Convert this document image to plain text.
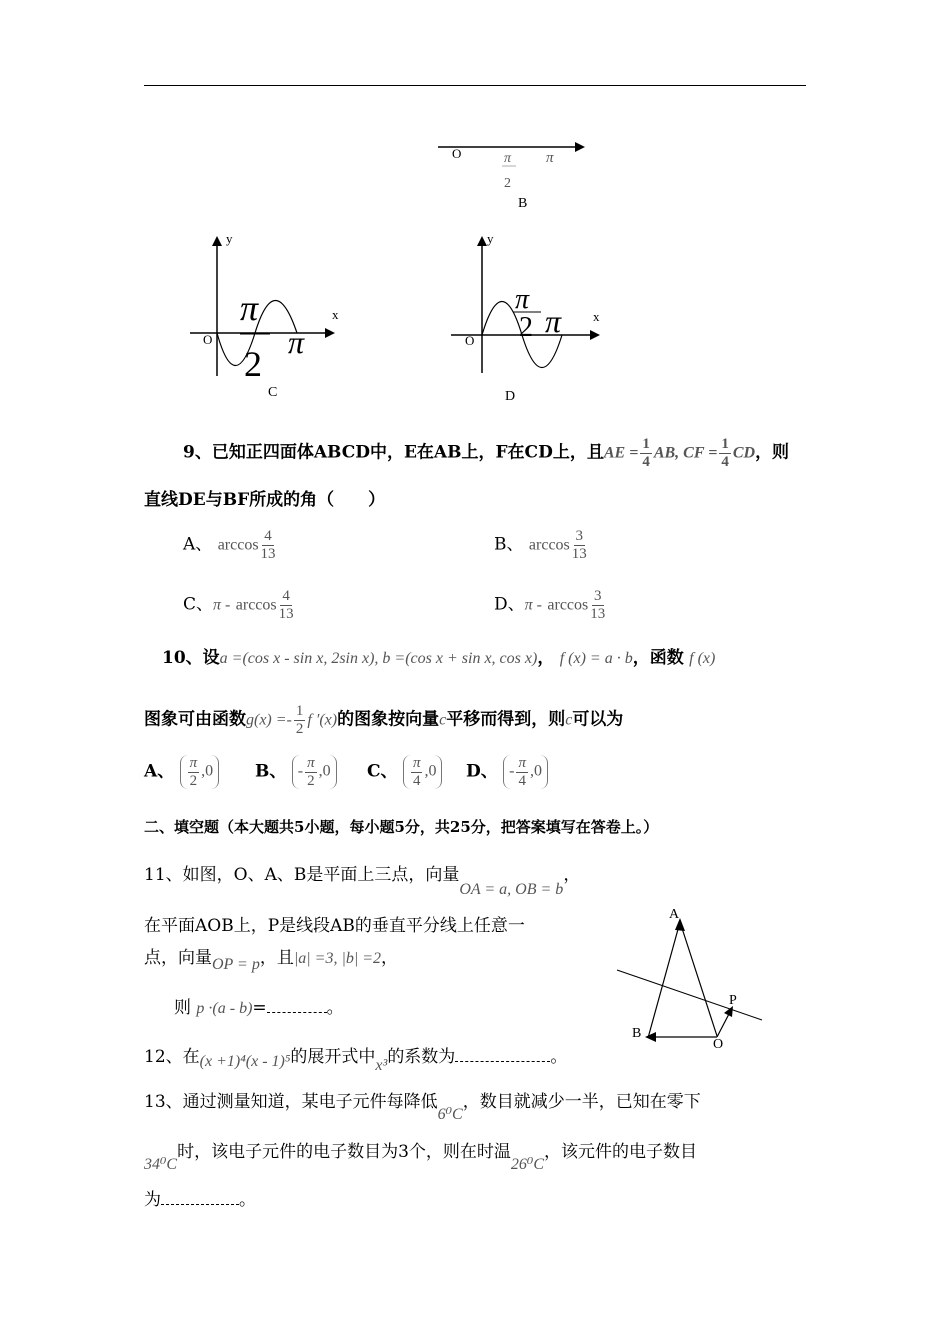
O	π
2
π
B
y
x
O
π
2
π
C
y
x
O
π
2 π
D
9、已知正四面体ABCD中，E在AB上，F在CD上，且AE = $\frac{1}{4}$ AB, CF = $\frac{1}{4}$ CD，则
直线DE与BF所成的角（　　）
A、 $\arccos \frac{4}{13}$	B、 $\arccos \frac{3}{13}$
C、π - $\arccos \frac{4}{13}$	D、π - $\arccos \frac{3}{13}$
10、设a =(cos x - sin x, 2sin x), b =(cos x + sin x, cos x)， f (x) = a · b，函数 f (x)
图象可由函数$g(x) =- \frac{1}{2}$ f ′(x)的图象按向量c平移而得到，则c可以为
A、 $\frac{\pi}{2} ,0$	B、 - $\frac{\pi}{2} ,0$	C、 $\frac{\pi}{4} ,0$	D、 - $\frac{\pi}{4} ,0$
二、填空题（本大题共5小题，每小题5分，共25分，把答案填写在答卷上。）
11、如图，O、A、B是平面上三点，向量OA = a, OB = b，
在平面AOB上，P是线段AB的垂直平分线上任意一
点，向量OP = p，且|a| =3, |b| =2，
则 p ·(a - b)=	。
A
B
O
P
12、在(x +1)⁴(x - 1)⁵的展开式中x³的系数为	。
13、通过测量知道，某电子元件每降低6⁰C，数目就减少一半，已知在零下
34⁰C时，该电子元件的电子数目为3个，则在时温26⁰C，该元件的电子数目
为	。
